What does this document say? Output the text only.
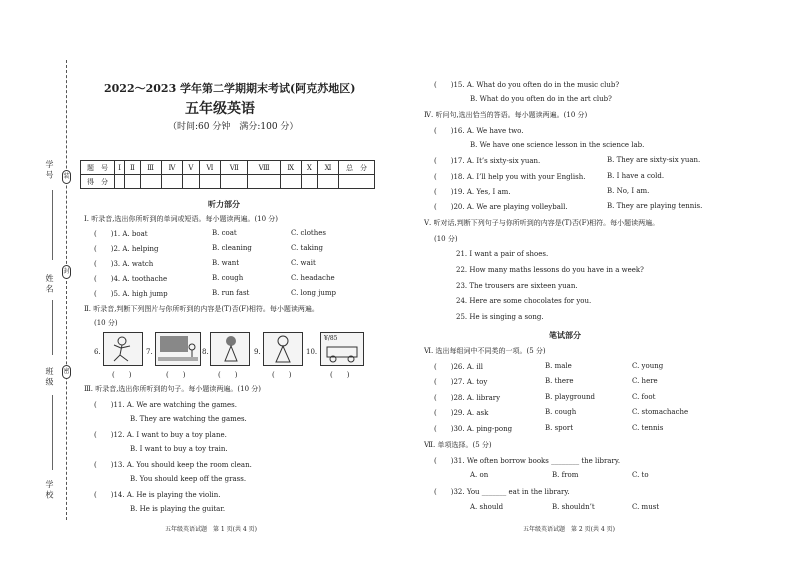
学 号
姓 名
班 级
学 校
装
封
密
2022～2023 学年第二学期期末考试(阿克苏地区)
五年级英语
（时间:60 分钟　满分:100 分）
题　号	Ⅰ	Ⅱ	Ⅲ	Ⅳ	Ⅴ	Ⅵ	Ⅶ	Ⅷ	Ⅸ	Ⅹ	Ⅺ	总　分
得　分												
听力部分
Ⅰ. 听录音,选出你所听到的单词或短语。每小题读两遍。(10 分)
(　　)1. A. boat	B. coat	C. clothes
(　　)2. A. helping	B. cleaning	C. taking
(　　)3. A. watch	B. want	C. wait
(　　)4. A. toothache	B. cough	C. headache
(　　)5. A. high jump	B. run fast	C. long jump
Ⅱ. 听录音,判断下列图片与你所听到的内容是(T)否(F)相符。每小题读两遍。
(10 分)
6.	7.	8.	9.	10.
¥/85
(　　)	(　　)	(　　)	(　　)	(　　)
Ⅲ. 听录音,选出你所听到的句子。每小题读两遍。(10 分)
(　　)11. A. We are watching the games.
B. They are watching the games.
(　　)12. A. I want to buy a toy plane.
B. I want to buy a toy train.
(　　)13. A. You should keep the room clean.
B. You should keep off the grass.
(　　)14. A. He is playing the violin.
B. He is playing the guitar.
五年级英语试题　第 1 页(共 4 页)
(　　)15. A. What do you often do in the music club?
B. What do you often do in the art club?
Ⅳ. 听问句,选出恰当的答语。每小题读两遍。(10 分)
(　　)16. A. We have two.
B. We have one science lesson in the science lab.
(　　)17. A. It’s sixty-six yuan.	B. They are sixty-six yuan.
(　　)18. A. I’ll help you with your English.	B. I have a cold.
(　　)19. A. Yes, I am.	B. No, I am.
(　　)20. A. We are playing volleyball.	B. They are playing tennis.
Ⅴ. 听对话,判断下列句子与你所听到的内容是(T)否(F)相符。每小题读两遍。
(10 分)
21. I want a pair of shoes.
22. How many maths lessons do you have in a week?
23. The trousers are sixteen yuan.
24. Here are some chocolates for you.
25. He is singing a song.
笔试部分
Ⅵ. 选出每组词中不同类的一项。(5 分)
(　　)26. A. ill	B. male	C. young
(　　)27. A. toy	B. there	C. here
(　　)28. A. library	B. playground	C. foot
(　　)29. A. ask	B. cough	C. stomachache
(　　)30. A. ping-pong	B. sport	C. tennis
Ⅶ. 单项选择。(5 分)
(　　)31. We often borrow books ________ the library.
A. on	B. from	C. to
(　　)32. You _______ eat in the library.
A. should	B. shouldn’t	C. must
五年级英语试题　第 2 页(共 4 页)
